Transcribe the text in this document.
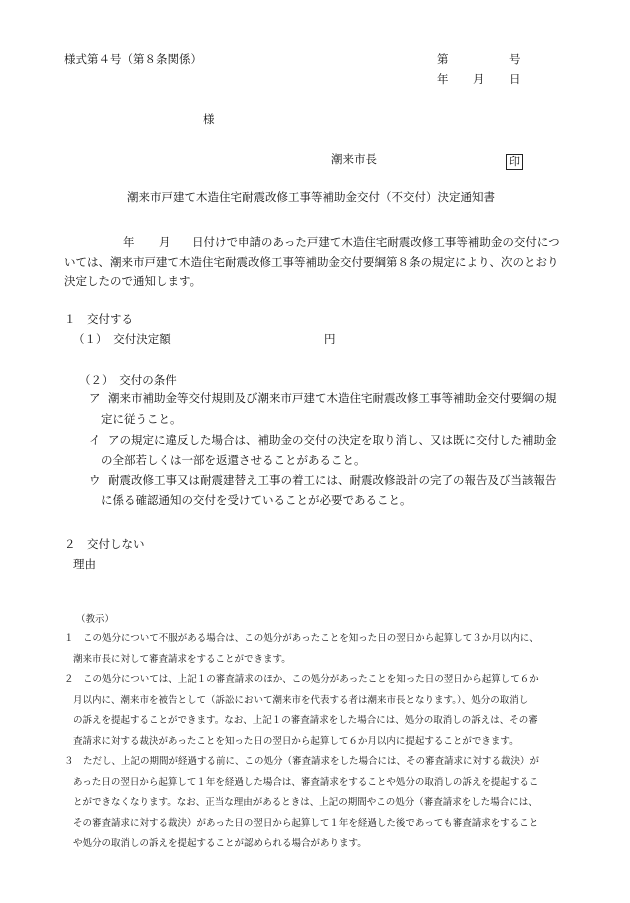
様式第４号（第８条関係）	第	号
年 月 日
様
潮来市長	印
潮来市戸建て木造住宅耐震改修工事等補助金交付（不交付）決定通知書
年 月 日付けで申請のあった戸建て木造住宅耐震改修工事等補助金の交付につ
いては、潮来市戸建て木造住宅耐震改修工事等補助金交付要綱第８条の規定により、次のとおり
決定したので通知します。
１　交付する
（１）　交付決定額	円
（２）　交付の条件
ア 潮来市補助金等交付規則及び潮来市戸建て木造住宅耐震改修工事等補助金交付要綱の規
定に従うこと。
イ アの規定に違反した場合は、補助金の交付の決定を取り消し、又は既に交付した補助金
の全部若しくは一部を返還させることがあること。
ウ 耐震改修工事又は耐震建替え工事の着工には、耐震改修設計の完了の報告及び当該報告
に係る確認通知の交付を受けていることが必要であること。
２　交付しない
理由
（教示）
１ この処分について不服がある場合は、この処分があったことを知った日の翌日から起算して３か月以内に、
潮来市長に対して審査請求をすることができます。
２ この処分については、上記１の審査請求のほか、この処分があったことを知った日の翌日から起算して６か
月以内に、潮来市を被告として（訴訟において潮来市を代表する者は潮来市長となります。）、処分の取消し
の訴えを提起することができます。なお、上記１の審査請求をした場合には、処分の取消しの訴えは、その審
査請求に対する裁決があったことを知った日の翌日から起算して６か月以内に提起することができます。
３ ただし、上記の期間が経過する前に、この処分（審査請求をした場合には、その審査請求に対する裁決）が
あった日の翌日から起算して１年を経過した場合は、審査請求をすることや処分の取消しの訴えを提起するこ
とができなくなります。なお、正当な理由があるときは、上記の期間やこの処分（審査請求をした場合には、
その審査請求に対する裁決）があった日の翌日から起算して１年を経過した後であっても審査請求をすること
や処分の取消しの訴えを提起することが認められる場合があります。
